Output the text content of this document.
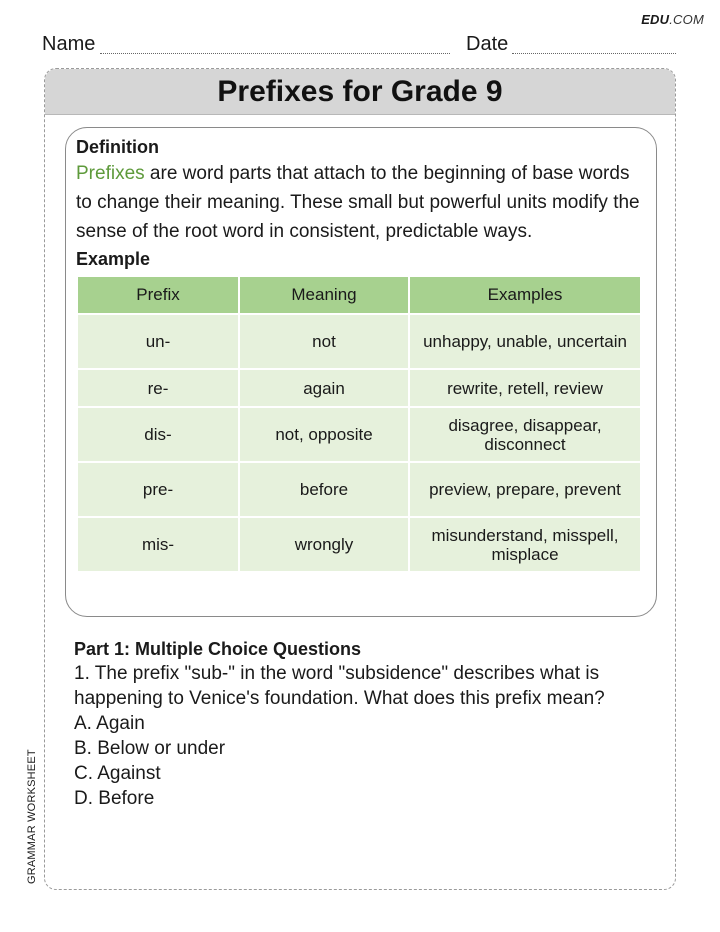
EDU.COM
Name	Date
Prefixes for Grade 9

Definition

Prefixes are word parts that attach to the beginning of base words to change their meaning. These small but powerful units modify the sense of the root word in consistent, predictable ways.

Example

Prefix	Meaning	Examples
un-	not	unhappy, unable, uncertain
re-	again	rewrite, retell, review
dis-	not, opposite	disagree, disappear, disconnect
pre-	before	preview, prepare, prevent
mis-	wrongly	misunderstand, misspell, misplace

Part 1: Multiple Choice Questions

1. The prefix "sub-" in the word "subsidence" describes what is happening to Venice's foundation. What does this prefix mean?

A. Again

B. Below or under

C. Against

D. Before

GRAMMAR WORKSHEET
